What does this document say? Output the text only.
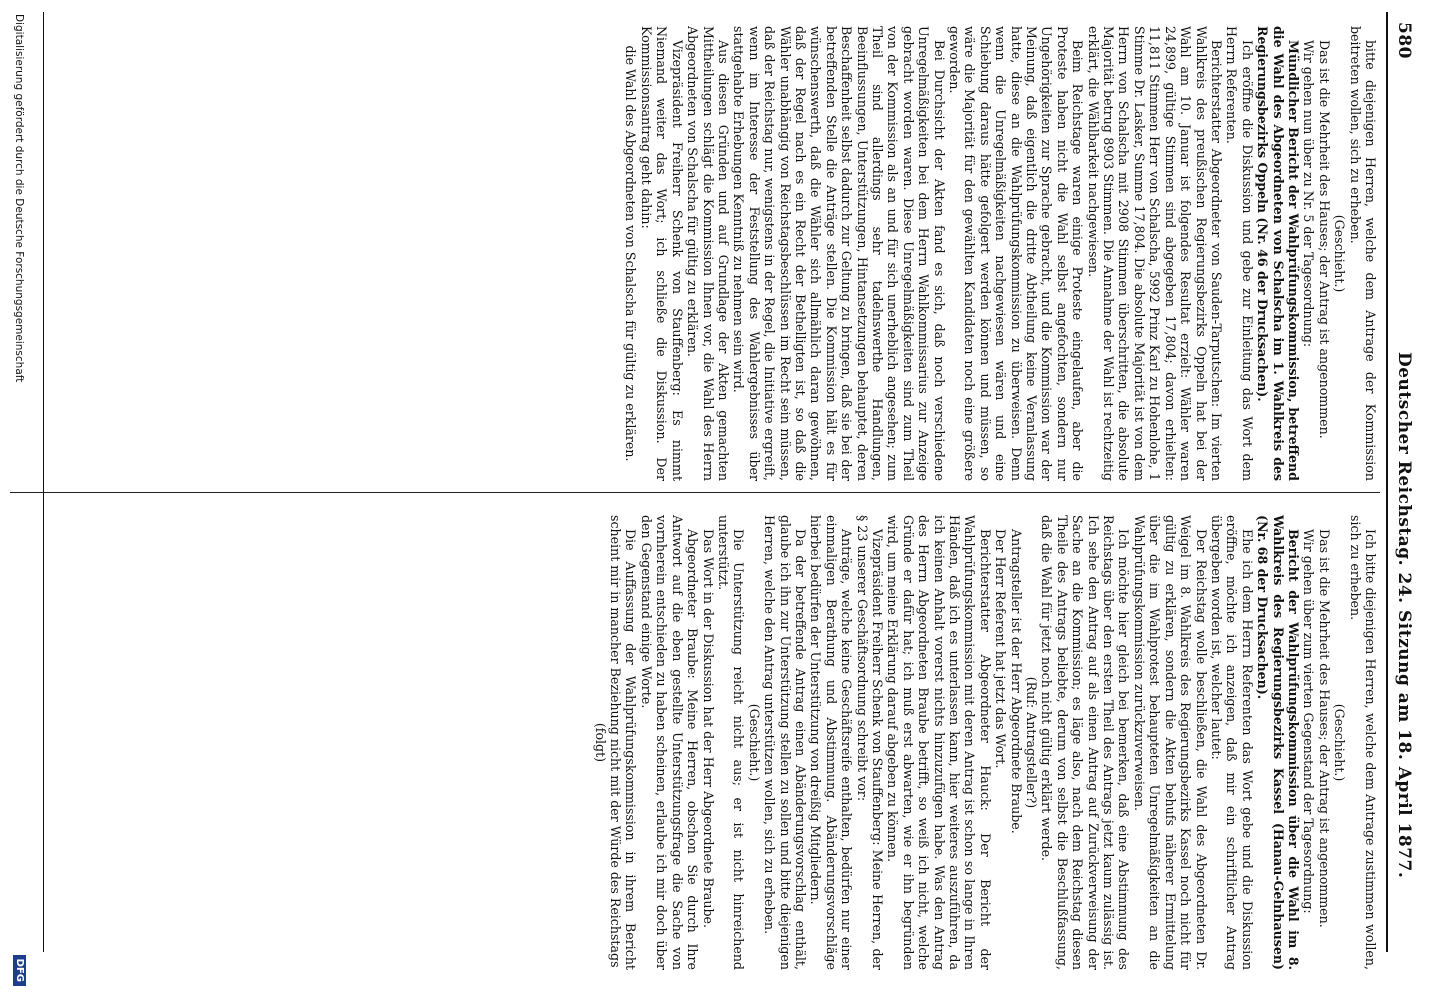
580
Deutscher Reichstag. 24. Sitzung am 18. April 1877.

bitte diejenigen Herren, welche dem Antrage der Kommission beitreten wollen, sich zu erheben.

(Geschieht.)

Das ist die Mehrheit des Hauses; der Antrag ist angenommen.

Wir gehen nun über zu Nr. 5 der Tagesordnung:

Mündlicher Bericht der Wahlprüfungskommission, betreffend die Wahl des Abgeordneten von Schalscha im 1. Wahlkreis des Regierungsbezirks Oppeln (Nr. 46 der Drucksachen).

Ich eröffne die Diskussion und gebe zur Einleitung das Wort dem Herrn Referenten.

Berichterstatter Abgeordneter von Sauden-Tarputschen: Im vierten Wahlkreis des preußischen Regierungsbezirks Oppeln hat bei der Wahl am 10. Januar ist folgendes Resultat erzielt: Wähler waren 24,899, gültige Stimmen sind abgegeben 17,804; davon erhielten: 11,811 Stimmen Herr von Schalscha, 5992 Prinz Karl zu Hohenlohe, 1 Stimme Dr. Lasker, Summe 17,804. Die absolute Majorität ist von dem Herrn von Schalscha mit 2908 Stimmen überschritten, die absolute Majorität betrug 8903 Stimmen. Die Annahme der Wahl ist rechtzeitig erklärt, die Wählbarkeit nachgewiesen.

Beim Reichstage waren einige Proteste eingelaufen, aber die Proteste haben nicht die Wahl selbst angefochten, sondern nur Ungehörigkeiten zur Sprache gebracht, und die Kommission war der Meinung, daß eigentlich die dritte Abtheilung keine Veranlassung hatte, diese an die Wahlprüfungskommission zu überweisen. Denn wenn die Unregelmäßigkeiten nachgewiesen wären und eine Schiebung daraus hätte gefolgert werden können und müssen, so wäre die Majorität für den gewählten Kandidaten noch eine größere geworden.

Bei Durchsicht der Akten fand es sich, daß noch verschiedene Unregelmäßigkeiten bei dem Herrn Wahlkommissarius zur Anzeige gebracht worden waren. Diese Unregelmäßigkeiten sind zum Theil von der Kommission als an und für sich unerheblich angesehen; zum Theil sind allerdings sehr tadelnswerthe Handlungen, Beeinflussungen, Unterstützungen, Hintansetzungen behauptet, deren Beschaffenheit selbst dadurch zur Geltung zu bringen, daß sie bei der betreffenden Stelle die Anträge stellen. Die Kommission hält es für wünschenswerth, daß die Wähler sich allmählich daran gewöhnen, daß der Regel nach es ein Recht der Bethelligten ist, so daß die Wähler unabhängig von Reichstagsbeschlüssen im Recht sein müssen, daß der Reichstag nur, wenigstens in der Regel, die Initiative ergreift, wenn im Interesse der Feststellung des Wahlergebnisses über stattgehabte Erhebungen Kenntniß zu nehmen sein wird.

Aus diesen Gründen und auf Grundlage der Akten gemachten Mittheilungen schlägt die Kommission Ihnen vor, die Wahl des Herrn Abgeordneten von Schalscha für gültig zu erklären.

Vizepräsident Freiherr Schenk von Stauffenberg: Es nimmt Niemand weiter das Wort; ich schließe die Diskussion. Der Kommissionsantrag geht dahin:

die Wahl des Abgeordneten von Schalscha für gültig zu erklären.

Ich bitte diejenigen Herren, welche dem Antrage zustimmen wollen, sich zu erheben.

(Geschieht.)

Das ist die Mehrheit des Hauses; der Antrag ist angenommen.

Wir gehen über zum vierten Gegenstand der Tagesordnung:

Bericht der Wahlprüfungskommission über die Wahl im 8. Wahlkreis des Regierungsbezirks Kassel (Hanau-Gelnhausen) (Nr. 68 der Drucksachen).

Ehe ich dem Herrn Referenten das Wort gebe und die Diskussion eröffne, möchte ich anzeigen, daß mir ein schriftlicher Antrag übergeben worden ist, welcher lautet:

Der Reichstag wolle beschließen, die Wahl des Abgeordneten Dr. Weigel im 8. Wahlkreis des Regierungsbezirks Kassel noch nicht für gültig zu erklären, sondern die Akten behufs näherer Ermittelung über die im Wahlprotest behaupteten Unregelmäßigkeiten an die Wahlprüfungskommission zurückzuverweisen.

Ich möchte hier gleich bei bemerken, daß eine Abstimmung des Reichstags über den ersten Theil des Antrags jetzt kaum zulässig ist. Ich sehe den Antrag auf als einen Antrag auf Zurückverweisung der Sache an die Kommission; es läge also, nach dem Reichstag diesen Theile des Antrags beliebte, derum von selbst die Beschlußfassung, daß die Wahl für jetzt noch nicht gültig erklärt werde.

(Ruf: Antragsteller?)

Antragsteller ist der Herr Abgeordnete Braube.

Der Herr Referent hat jetzt das Wort.

Berichterstatter Abgeordneter Hauck: Der Bericht der Wahlprüfungskommission mit deren Antrag ist schon so lange in Ihren Händen, daß ich es unterlassen kann, hier weiteres auszuführen, da ich keinen Anhalt vorerst nichts hinzuzufügen habe. Was den Antrag des Herrn Abgeordneten Braube betrifft, so weiß ich nicht, welche Gründe er dafür hat; ich muß erst abwarten, wie er ihn begründen wird, um meine Erklärung darauf abgeben zu können.

Vizepräsident Freiherr Schenk von Stauffenberg: Meine Herren, der § 23 unserer Geschäftsordnung schreibt vor:

Anträge, welche keine Geschäftsreife enthalten, bedürfen nur einer einmaligen Berathung und Abstimmung. Abänderungsvorschläge hierbei bedürfen der Unterstützung von dreißig Mitgliedern.

Da der betreffende Antrag einen Abänderungsvorschlag enthält, glaube ich ihn zur Unterstützung stellen zu sollen und bitte diejenigen Herren, welche den Antrag unterstützen wollen, sich zu erheben.

(Geschieht.)

Die Unterstützung reicht nicht aus; er ist nicht hinreichend unterstützt.

Das Wort in der Diskussion hat der Herr Abgeordnete Braube.

Abgeordneter Braube: Meine Herren, obschon Sie durch Ihre Antwort auf die eben gestellte Unterstützungsfrage die Sache von vornherein entschieden zu haben scheinen, erlaube ich mir doch über den Gegenstand einige Worte.

Die Auffassung der Wahlprüfungskommission in ihrem Bericht scheint mir in mancher Beziehung nicht mit der Würde des Reichstags

(folgt)

Digitalisierung gefördert durch die Deutsche Forschungsgemeinschaft
DFG
